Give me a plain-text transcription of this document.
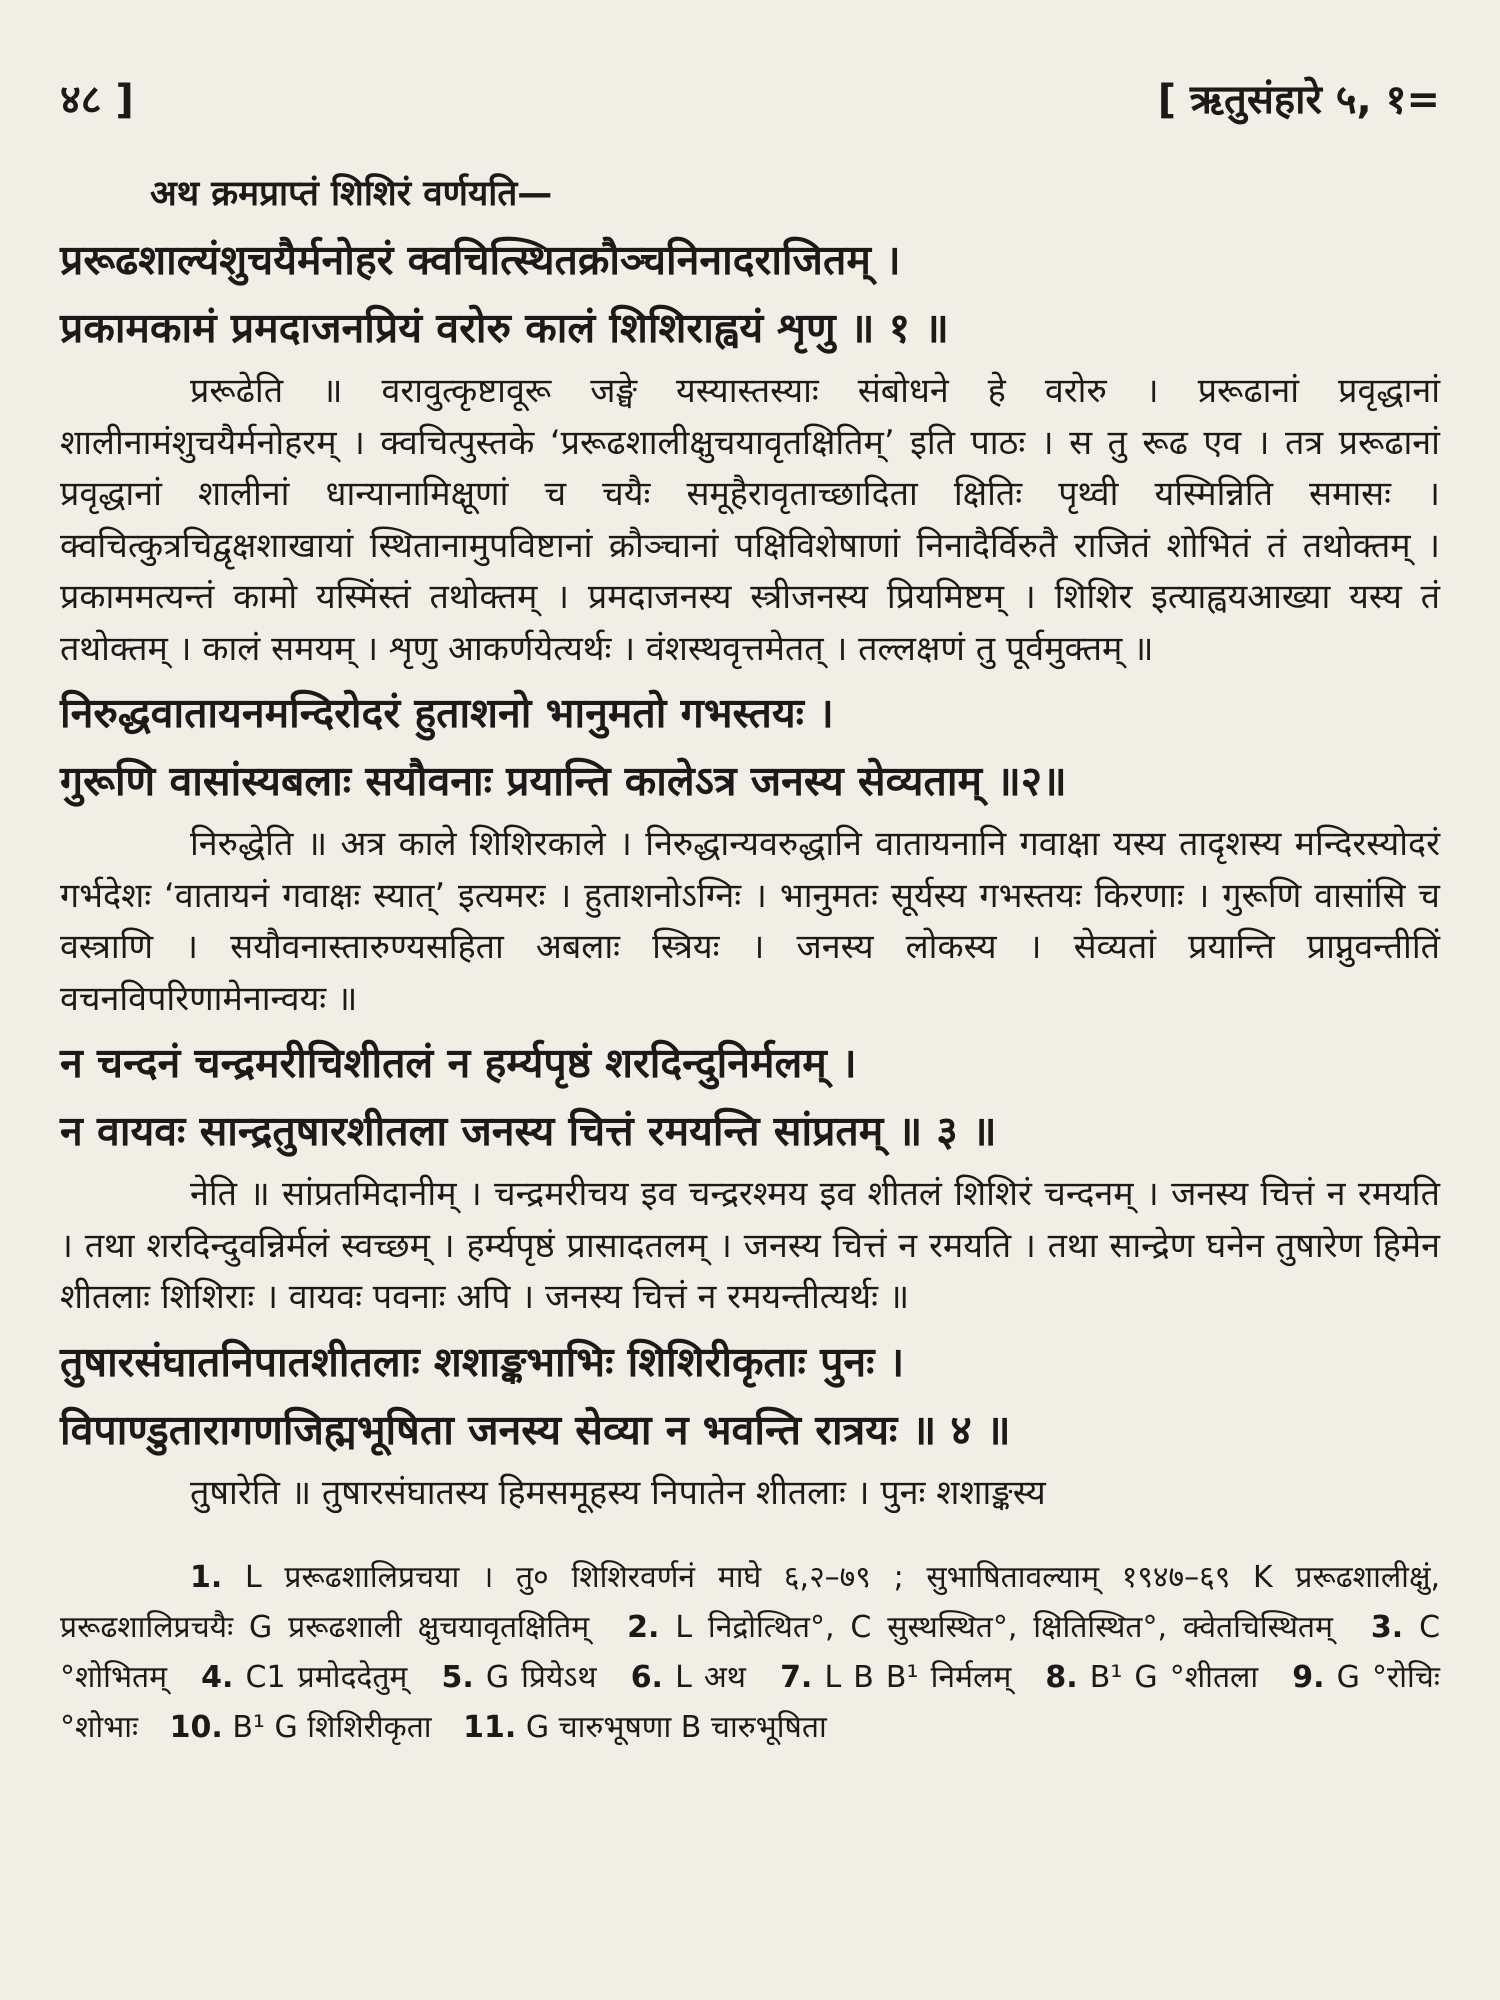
४८ ]	[ ऋतुसंहारे ५, १=
अथ क्रमप्राप्तं शिशिरं वर्णयति—
प्ररूढशाल्यंशुचयैर्मनोहरं क्वचित्स्थितक्रौञ्चनिनादराजितम् ।
प्रकामकामं प्रमदाजनप्रियं वरोरु कालं शिशिराह्वयं शृणु ॥ १ ॥
प्ररूढेति ॥ वरावुत्कृष्टावूरू जङ्घे यस्यास्तस्याः संबोधने हे वरोरु । प्ररूढानां प्रवृद्धानां शालीनामंशुचयैर्मनोहरम् । क्वचित्पुस्तके ‘प्ररूढशालीक्षुचयावृतक्षितिम्’ इति पाठः । स तु रूढ एव । तत्र प्ररूढानां प्रवृद्धानां शालीनां धान्यानामिक्षूणां च चयैः समूहैरावृताच्छादिता क्षितिः पृथ्वी यस्मिन्निति समासः । क्वचित्कुत्रचिद्वृक्षशाखायां स्थितानामुपविष्टानां क्रौञ्चानां पक्षिविशेषाणां निनादैर्विरुतै राजितं शोभितं तं तथोक्तम् । प्रकाममत्यन्तं कामो यस्मिंस्तं तथोक्तम् । प्रमदाजनस्य स्त्रीजनस्य प्रियमिष्टम् । शिशिर इत्याह्वयआख्या यस्य तं तथोक्तम् । कालं समयम् । शृणु आकर्णयेत्यर्थः । वंशस्थवृत्तमेतत् । तल्लक्षणं तु पूर्वमुक्तम् ॥
निरुद्धवातायनमन्दिरोदरं हुताशनो भानुमतो गभस्तयः ।
गुरूणि वासांस्यबलाः सयौवनाः प्रयान्ति कालेऽत्र जनस्य सेव्यताम् ॥२॥
निरुद्धेति ॥ अत्र काले शिशिरकाले । निरुद्धान्यवरुद्धानि वातायनानि गवाक्षा यस्य तादृशस्य मन्दिरस्योदरं गर्भदेशः ‘वातायनं गवाक्षः स्यात्’ इत्यमरः । हुताशनोऽग्निः । भानुमतः सूर्यस्य गभस्तयः किरणाः । गुरूणि वासांसि च वस्त्राणि । सयौवनास्तारुण्यसहिता अबलाः स्त्रियः । जनस्य लोकस्य । सेव्यतां प्रयान्ति प्राप्नुवन्तीतिं वचनविपरिणामेनान्वयः ॥
न चन्दनं चन्द्रमरीचिशीतलं न हर्म्यपृष्ठं शरदिन्दुनिर्मलम् ।
न वायवः सान्द्रतुषारशीतला जनस्य चित्तं रमयन्ति सांप्रतम् ॥ ३ ॥
नेति ॥ सांप्रतमिदानीम् । चन्द्रमरीचय इव चन्द्ररश्मय इव शीतलं शिशिरं चन्दनम् । जनस्य चित्तं न रमयति । तथा शरदिन्दुवन्निर्मलं स्वच्छम् । हर्म्यपृष्ठं प्रासादतलम् । जनस्य चित्तं न रमयति । तथा सान्द्रेण घनेन तुषारेण हिमेन शीतलाः शिशिराः । वायवः पवनाः अपि । जनस्य चित्तं न रमयन्तीत्यर्थः ॥
तुषारसंघातनिपातशीतलाः शशाङ्कभाभिः शिशिरीकृताः पुनः ।
विपाण्डुतारागणजिह्मभूषिता जनस्य सेव्या न भवन्ति रात्रयः ॥ ४ ॥
तुषारेति ॥ तुषारसंघातस्य हिमसमूहस्य निपातेन शीतलाः । पुनः शशाङ्कस्य
1. L प्ररूढशालिप्रचया । तु० शिशिरवर्णनं माघे ६,२–७९ ; सुभाषितावल्याम् १९४७–६९ K प्ररूढशालीक्षुं, प्ररूढशालिप्रचयैः G प्ररूढशाली क्षुचयावृतक्षितिम् 2. L निद्रोत्थित°, C सुस्थस्थित°, क्षितिस्थित°, क्वेतचिस्थितम् 3. C °शोभितम् 4. C1 प्रमोददेतुम् 5. G प्रियेऽथ 6. L अथ 7. L B B¹ निर्मलम् 8. B¹ G °शीतला 9. G °रोचिः °शोभाः 10. B¹ G शिशिरीकृता 11. G चारुभूषणा B चारुभूषिता
